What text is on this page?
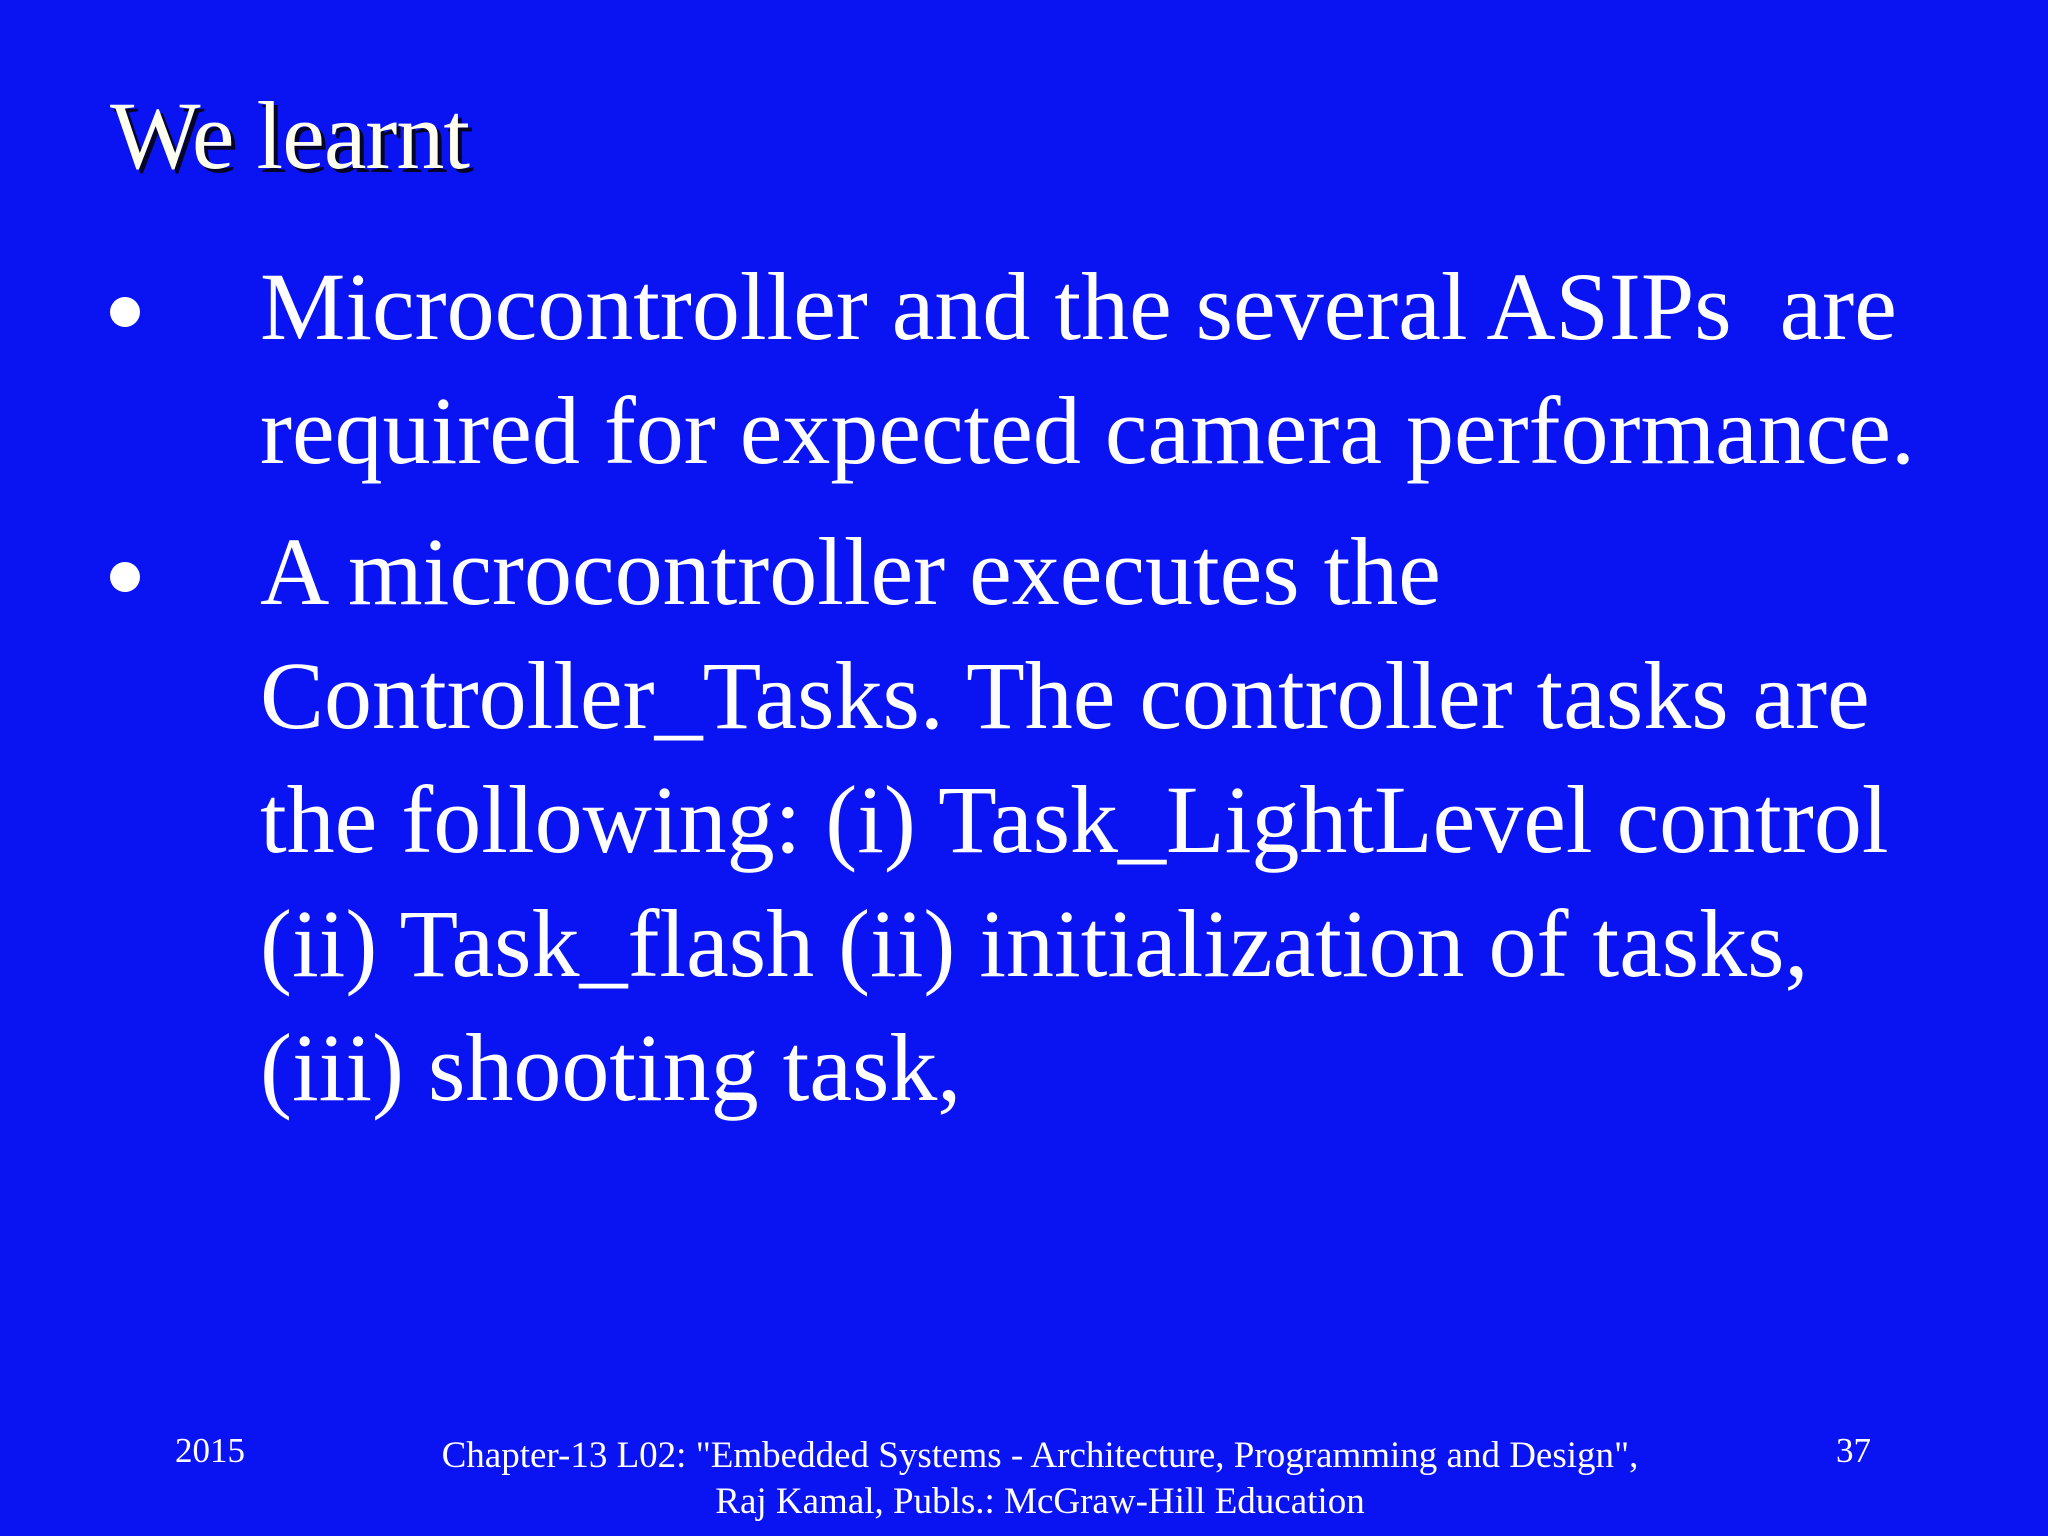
We learnt
Microcontroller and the several ASIPs  are
required for expected camera performance.
A microcontroller executes the
Controller_Tasks. The controller tasks are
the following: (i) Task_LightLevel control
(ii) Task_flash (ii) initialization of tasks,
(iii) shooting task,
2015	Chapter-13 L02: "Embedded Systems - Architecture, Programming and Design",
Raj Kamal, Publs.: McGraw-Hill Education
37
